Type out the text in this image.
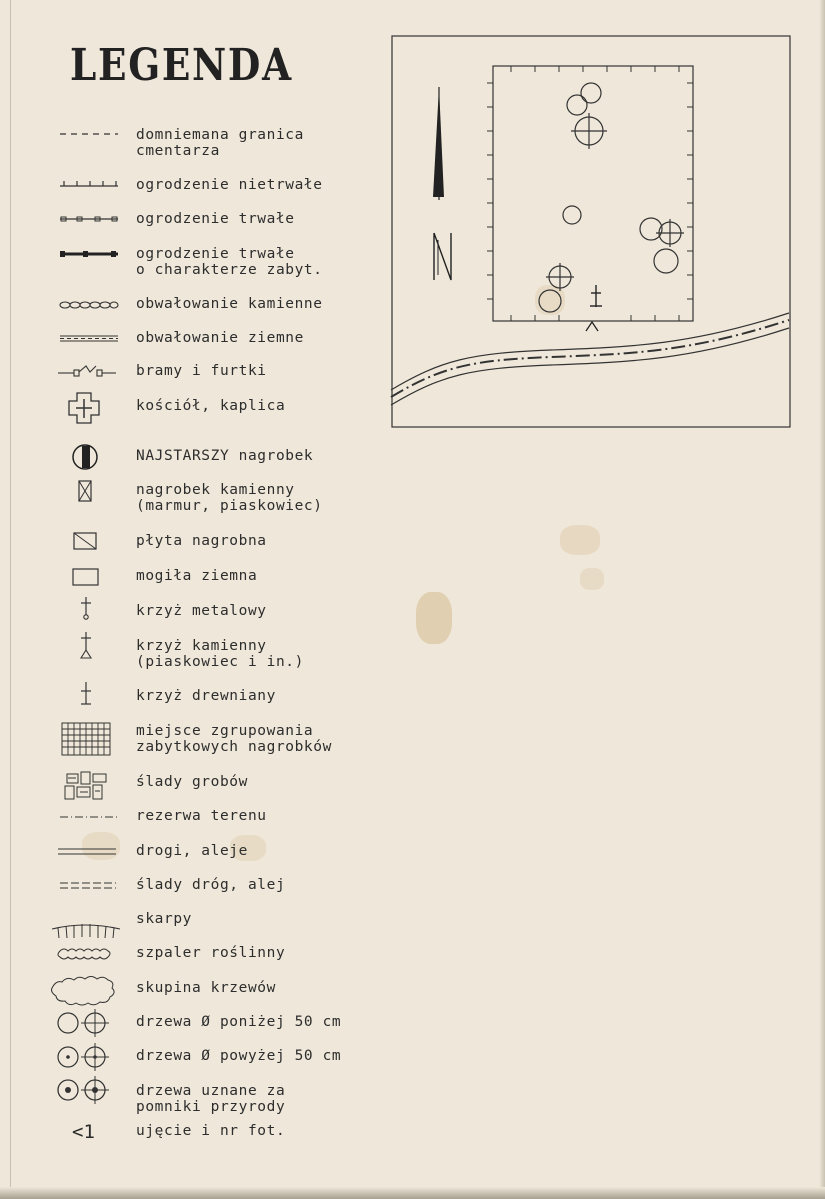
LEGENDA
domniemana granica
cmentarza
ogrodzenie nietrwałe
ogrodzenie trwałe
ogrodzenie trwałe
o charakterze zabyt.
obwałowanie kamienne
obwałowanie ziemne
bramy i furtki
kościół, kaplica
NAJSTARSZY nagrobek
nagrobek kamienny
(marmur, piaskowiec)
płyta nagrobna
mogiła ziemna
krzyż metalowy
krzyż kamienny
(piaskowiec i in.)
krzyż drewniany
miejsce zgrupowania
zabytkowych nagrobków
ślady grobów
rezerwa terenu
drogi, aleje
ślady dróg, alej
skarpy
szpaler roślinny
skupina krzewów
drzewa Ø poniżej 50 cm
drzewa Ø powyżej 50 cm
drzewa uznane za
pomniki przyrody
<1	ujęcie i nr fot.
